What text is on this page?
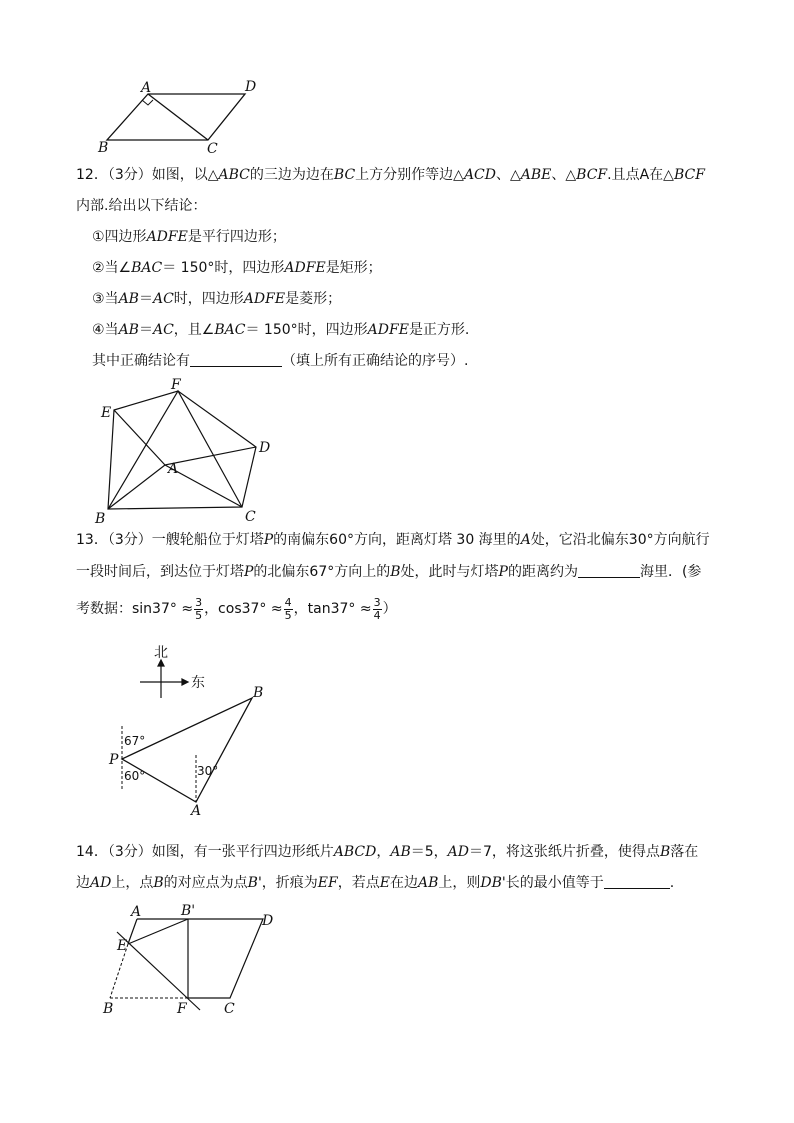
A	D
B	C
12．（3分）如图，以△ABC的三边为边在BC上方分别作等边△ACD、△ABE、△BCF.且点A在△BCF
内部.给出以下结论：
①四边形ADFE是平行四边形；
②当∠BAC＝ 150°时，四边形ADFE是矩形；
③当AB＝AC时，四边形ADFE是菱形；
④当AB＝AC，且∠BAC＝ 150°时，四边形ADFE是正方形.
其中正确结论有	（填上所有正确结论的序号）.
F
E
D
A
B	C
13．（3分）一艘轮船位于灯塔P的南偏东60°方向，距离灯塔 30 海里的A处，它沿北偏东30°方向航行
一段时间后，到达位于灯塔P的北偏东67°方向上的B处，此时与灯塔P的距离约为	海里．(参
考数据：$\sin 37^\circ \approx \frac{3}{5}$ ，$\cos 37^\circ \approx \frac{4}{5}$ ，$\tan 37^\circ \approx \frac{3}{4}$ ）
北
东
67°
60°	30°
B
P
A
14．（3分）如图，有一张平行四边形纸片ABCD，AB＝5，AD＝7，将这张纸片折叠，使得点B落在
边AD上，点B的对应点为点B'，折痕为EF，若点E在边AB上，则DB'长的最小值等于	.
A	B'
D
E
B	F	C
